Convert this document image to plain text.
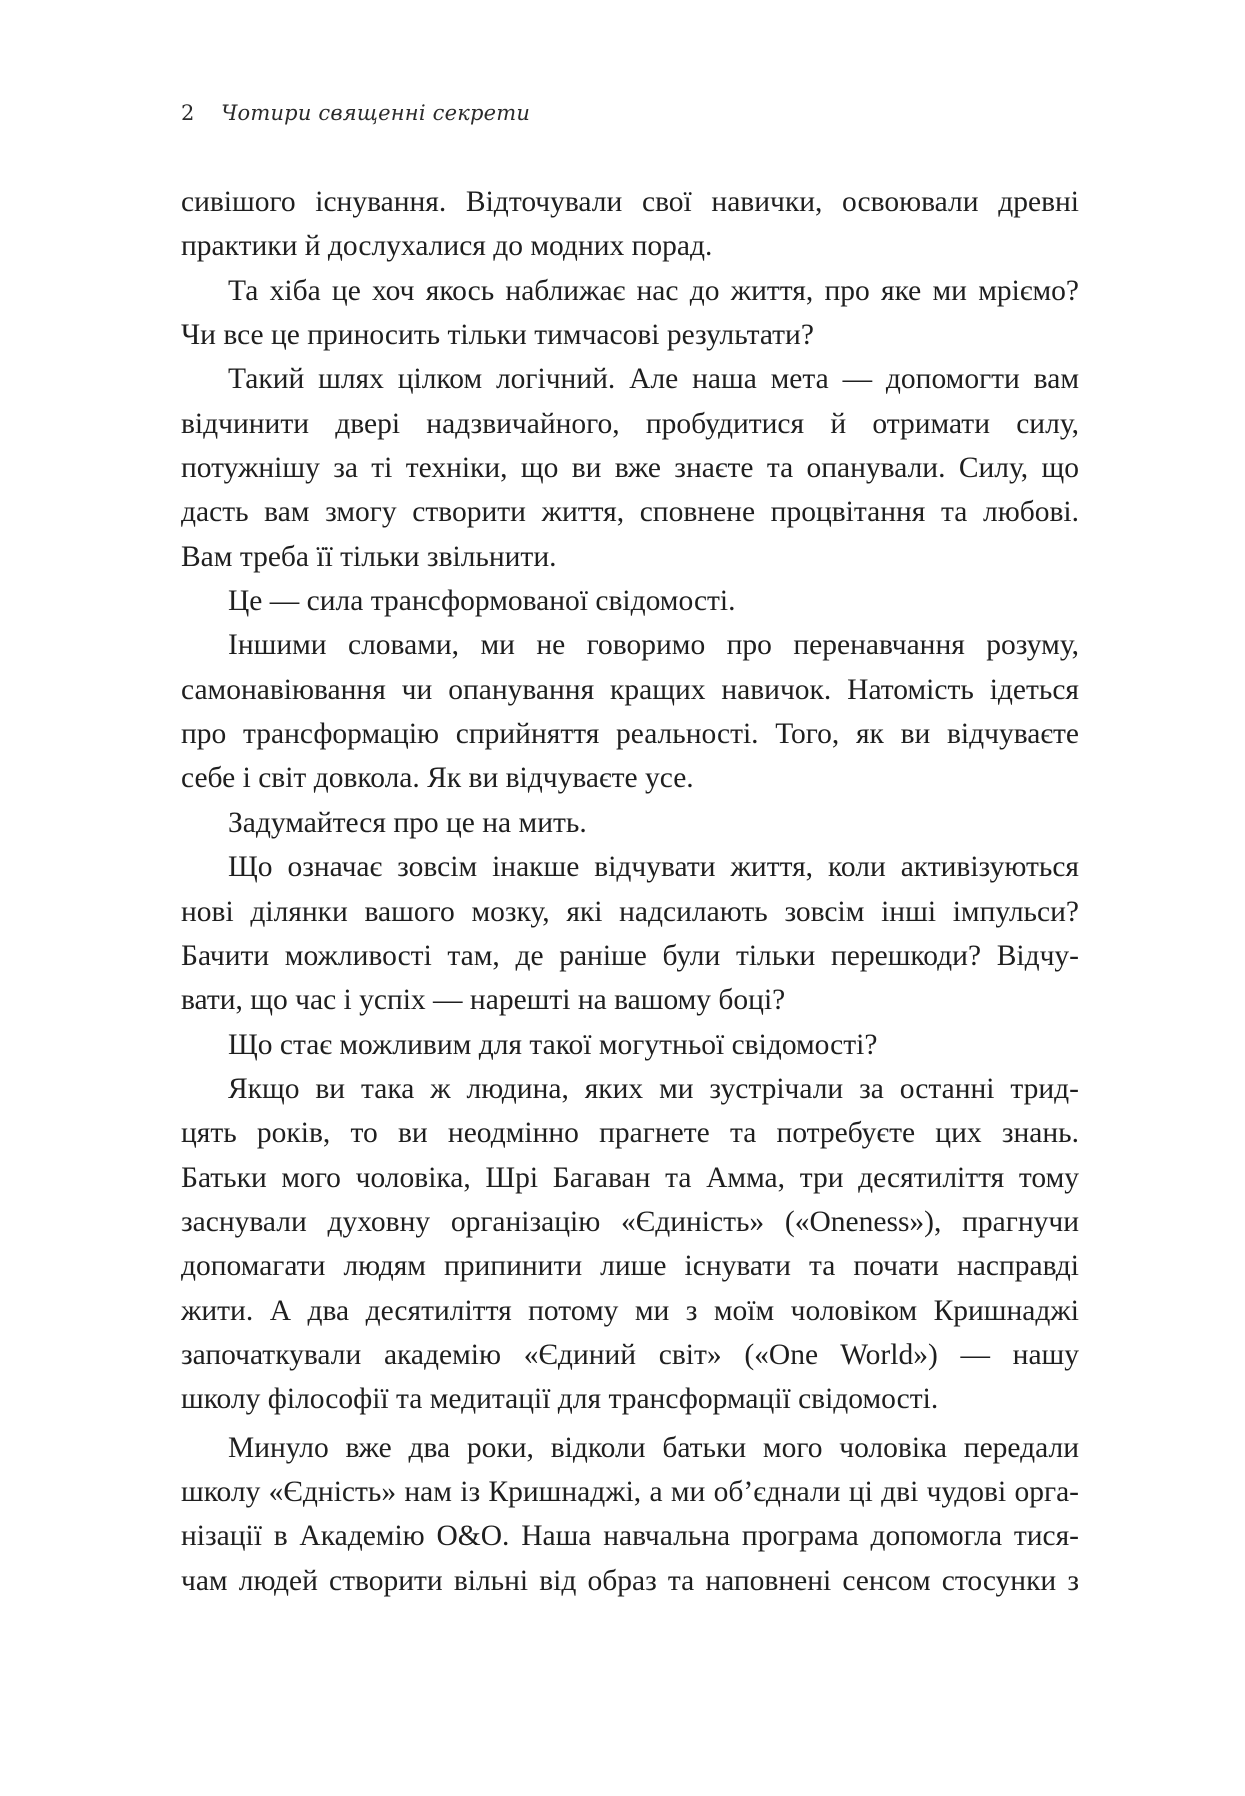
2 Чотири священні секрети

сивішого існування. Відточували свої навички, освоювали древні
практики й дослухалися до модних порад.

Та хіба це хоч якось наближає нас до життя, про яке ми мріємо?
Чи все це приносить тільки тимчасові результати?

Такий шлях цілком логічний. Але наша мета — допомогти вам
відчинити двері надзвичайного, пробудитися й отримати силу,
потужнішу за ті техніки, що ви вже знаєте та опанували. Силу, що
дасть вам змогу створити життя, сповнене процвітання та любові.
Вам треба її тільки звільнити.

Це — сила трансформованої свідомості.

Іншими словами, ми не говоримо про перенавчання розуму,
самонавіювання чи опанування кращих навичок. Натомість ідеться
про трансформацію сприйняття реальності. Того, як ви відчуваєте
себе і світ довкола. Як ви відчуваєте усе.

Задумайтеся про це на мить.

Що означає зовсім інакше відчувати життя, коли активізуються
нові ділянки вашого мозку, які надсилають зовсім інші імпульси?
Бачити можливості там, де раніше були тільки перешкоди? Відчу-
вати, що час і успіх — нарешті на вашому боці?

Що стає можливим для такої могутньої свідомості?

Якщо ви така ж людина, яких ми зустрічали за останні трид-
цять років, то ви неодмінно прагнете та потребуєте цих знань.
Батьки мого чоловіка, Шрі Багаван та Амма, три десятиліття тому
заснували духовну організацію «Єдиність» («Oneness»), прагнучи
допомагати людям припинити лише існувати та почати насправді
жити. А два десятиліття потому ми з моїм чоловіком Кришнаджі
започаткували академію «Єдиний світ» («One World») — нашу
школу філософії та медитації для трансформації свідомості.

Минуло вже два роки, відколи батьки мого чоловіка передали
школу «Єдність» нам із Кришнаджі, а ми об’єднали ці дві чудові орга-
нізації в Академію O&O. Наша навчальна програма допомогла тися-
чам людей створити вільні від образ та наповнені сенсом стосунки з
